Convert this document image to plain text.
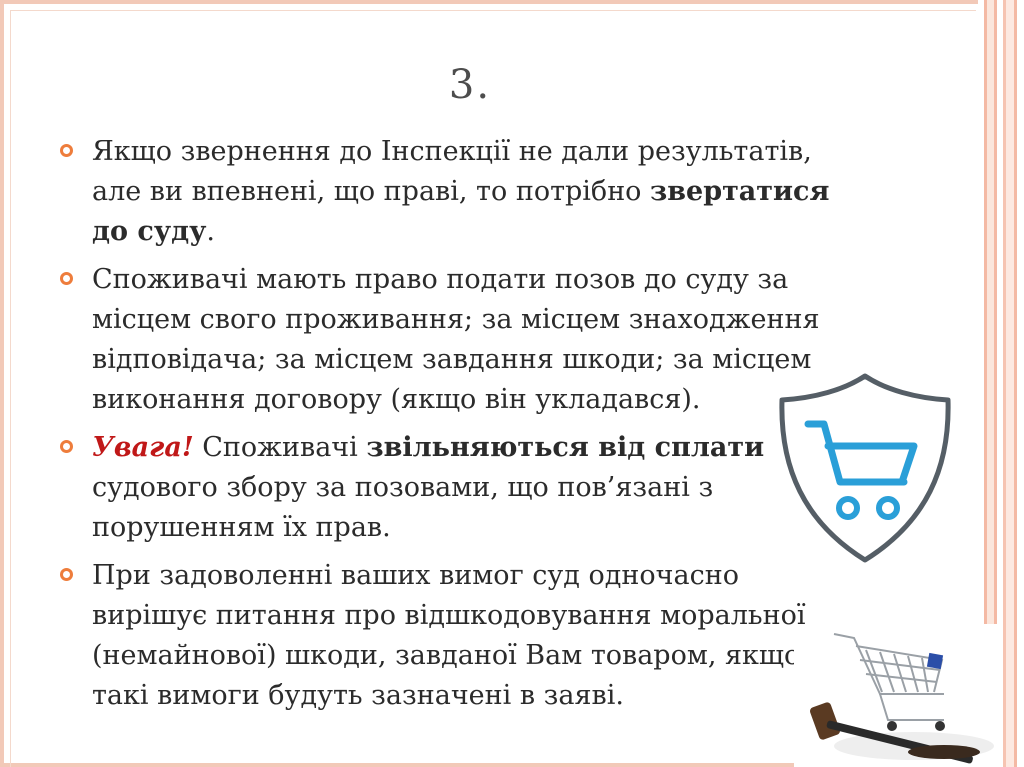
3.
Якщо звернення до Інспекції не дали результатів, але ви впевнені, що праві, то потрібно звертатися до суду.
Споживачі мають право подати позов до суду за місцем свого проживання; за місцем знаходження відповідача; за місцем завдання шкоди; за місцем виконання договору (якщо він укладався).
Увага! Споживачі звільняються від сплати судового збору за позовами, що пов’язані з порушенням їх прав.
При задоволенні ваших вимог суд одночасно вирішує питання про відшкодовування моральної (немайнової) шкоди, завданої Вам товаром, якщо такі вимоги будуть зазначені в заяві.
